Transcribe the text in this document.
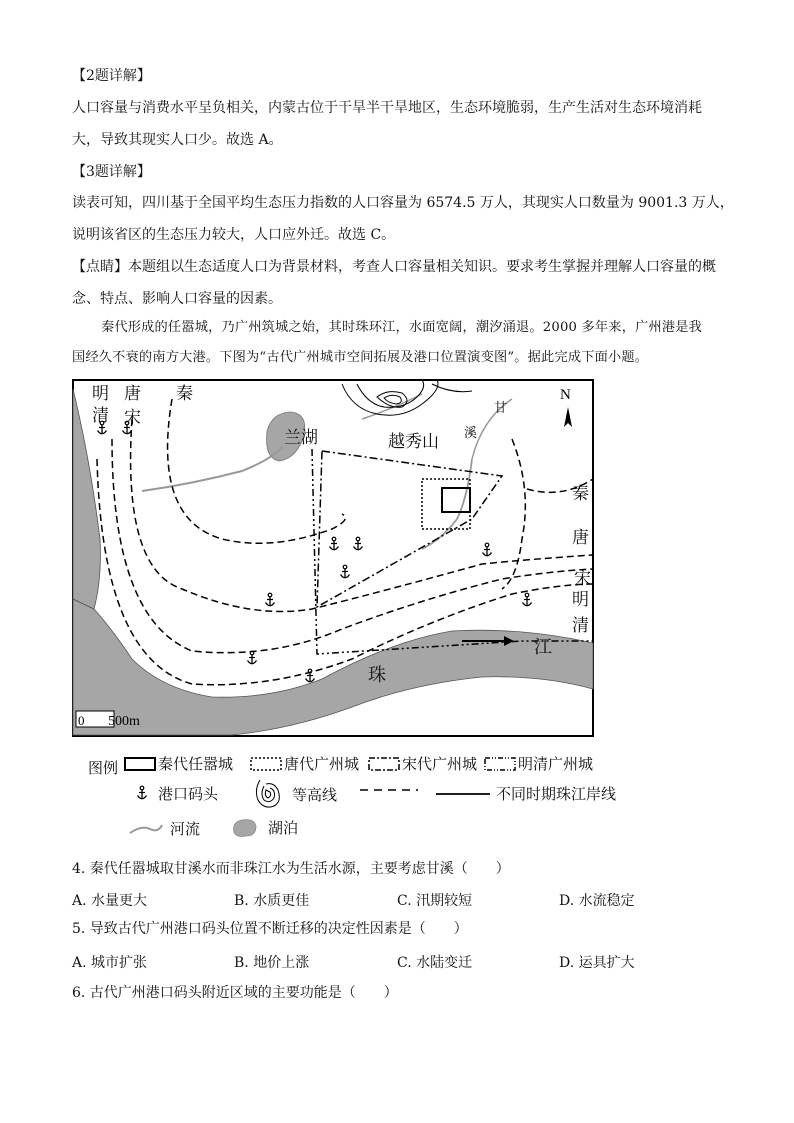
【2题详解】
人口容量与消费水平呈负相关，内蒙古位于干旱半干旱地区，生态环境脆弱，生产生活对生态环境消耗
大，导致其现实人口少。故选 A。
【3题详解】
读表可知，四川基于全国平均生态压力指数的人口容量为 6574.5 万人，其现实人口数量为 9001.3 万人，
说明该省区的生态压力较大，人口应外迁。故选 C。
【点睛】本题组以生态适度人口为背景材料，考查人口容量相关知识。要求考生掌握并理解人口容量的概
念、特点、影响人口容量的因素。
秦代形成的任嚣城，乃广州筑城之始，其时珠环江，水面宽阔，潮汐涌退。2000 多年来，广州港是我
国经久不衰的南方大港。下图为“古代广州城市空间拓展及港口位置演变图”。据此完成下面小题。
N
0 500m
明
清
唐
宋
秦
兰湖	越秀山
甘
溪
秦
唐
宋
明
清
江
珠
图例	秦代任嚣城	唐代广州城	宋代广州城	明清广州城
港口码头	等高线	不同时期珠江岸线
河流	湖泊
4. 秦代任嚣城取甘溪水而非珠江水为生活水源，主要考虑甘溪（　　）
A. 水量更大	B. 水质更佳	C. 汛期较短	D. 水流稳定
5. 导致古代广州港口码头位置不断迁移的决定性因素是（　　）
A. 城市扩张	B. 地价上涨	C. 水陆变迁	D. 运具扩大
6. 古代广州港口码头附近区域的主要功能是（　　）
